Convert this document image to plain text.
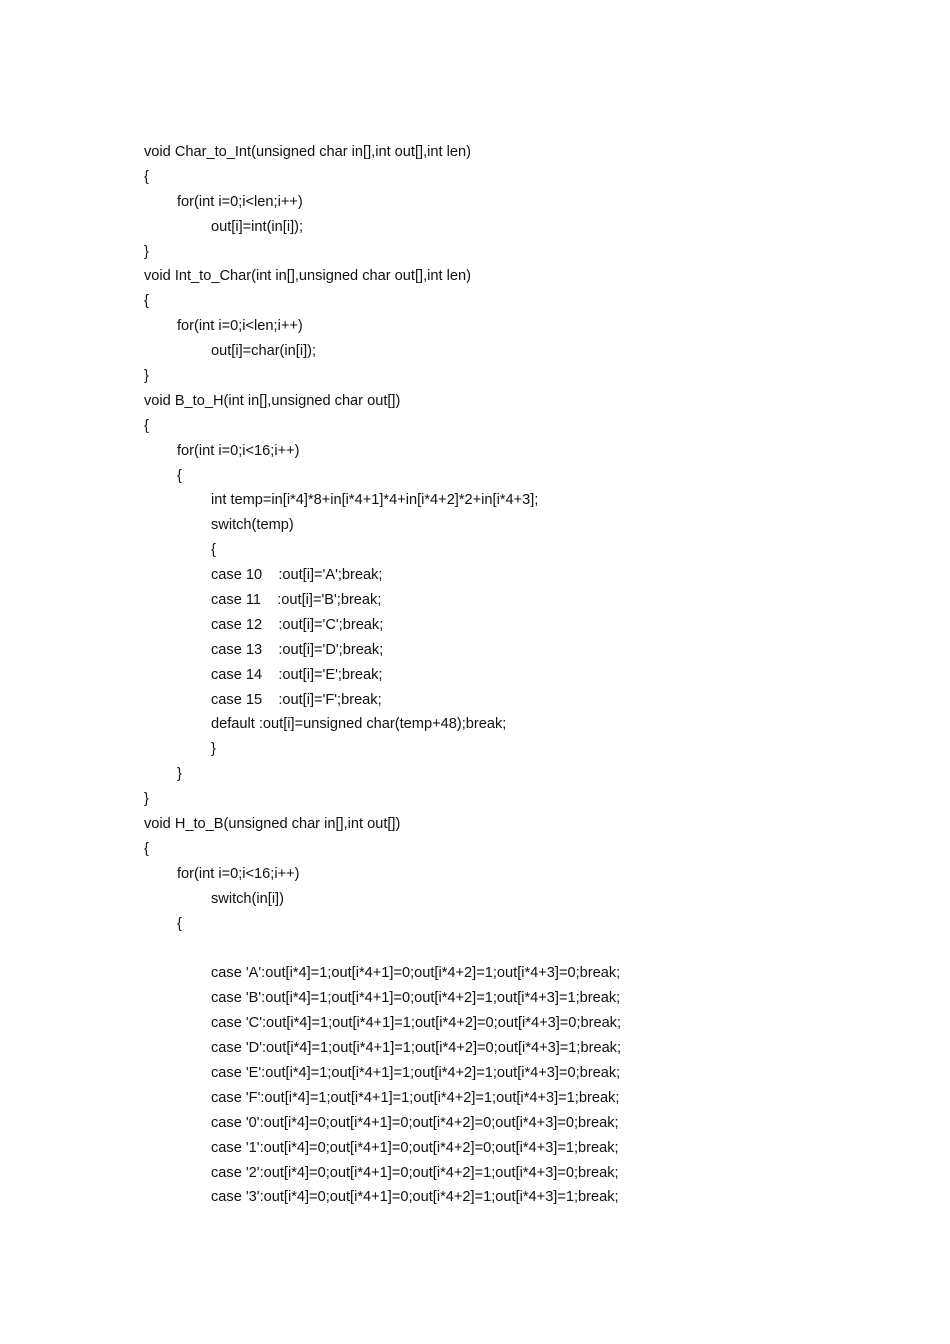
void Char_to_Int(unsigned char in[],int out[],int len)
{
for(int i=0;i<len;i++)
out[i]=int(in[i]);
}
void Int_to_Char(int in[],unsigned char out[],int len)
{
for(int i=0;i<len;i++)
out[i]=char(in[i]);
}
void B_to_H(int in[],unsigned char out[])
{
for(int i=0;i<16;i++)
{
int temp=in[i*4]*8+in[i*4+1]*4+in[i*4+2]*2+in[i*4+3];
switch(temp)
{
case 10    :out[i]='A';break;
case 11    :out[i]='B';break;
case 12    :out[i]='C';break;
case 13    :out[i]='D';break;
case 14    :out[i]='E';break;
case 15    :out[i]='F';break;
default :out[i]=unsigned char(temp+48);break;
}
}
}
void H_to_B(unsigned char in[],int out[])
{
for(int i=0;i<16;i++)
switch(in[i])
{
case 'A':out[i*4]=1;out[i*4+1]=0;out[i*4+2]=1;out[i*4+3]=0;break;
case 'B':out[i*4]=1;out[i*4+1]=0;out[i*4+2]=1;out[i*4+3]=1;break;
case 'C':out[i*4]=1;out[i*4+1]=1;out[i*4+2]=0;out[i*4+3]=0;break;
case 'D':out[i*4]=1;out[i*4+1]=1;out[i*4+2]=0;out[i*4+3]=1;break;
case 'E':out[i*4]=1;out[i*4+1]=1;out[i*4+2]=1;out[i*4+3]=0;break;
case 'F':out[i*4]=1;out[i*4+1]=1;out[i*4+2]=1;out[i*4+3]=1;break;
case '0':out[i*4]=0;out[i*4+1]=0;out[i*4+2]=0;out[i*4+3]=0;break;
case '1':out[i*4]=0;out[i*4+1]=0;out[i*4+2]=0;out[i*4+3]=1;break;
case '2':out[i*4]=0;out[i*4+1]=0;out[i*4+2]=1;out[i*4+3]=0;break;
case '3':out[i*4]=0;out[i*4+1]=0;out[i*4+2]=1;out[i*4+3]=1;break;
